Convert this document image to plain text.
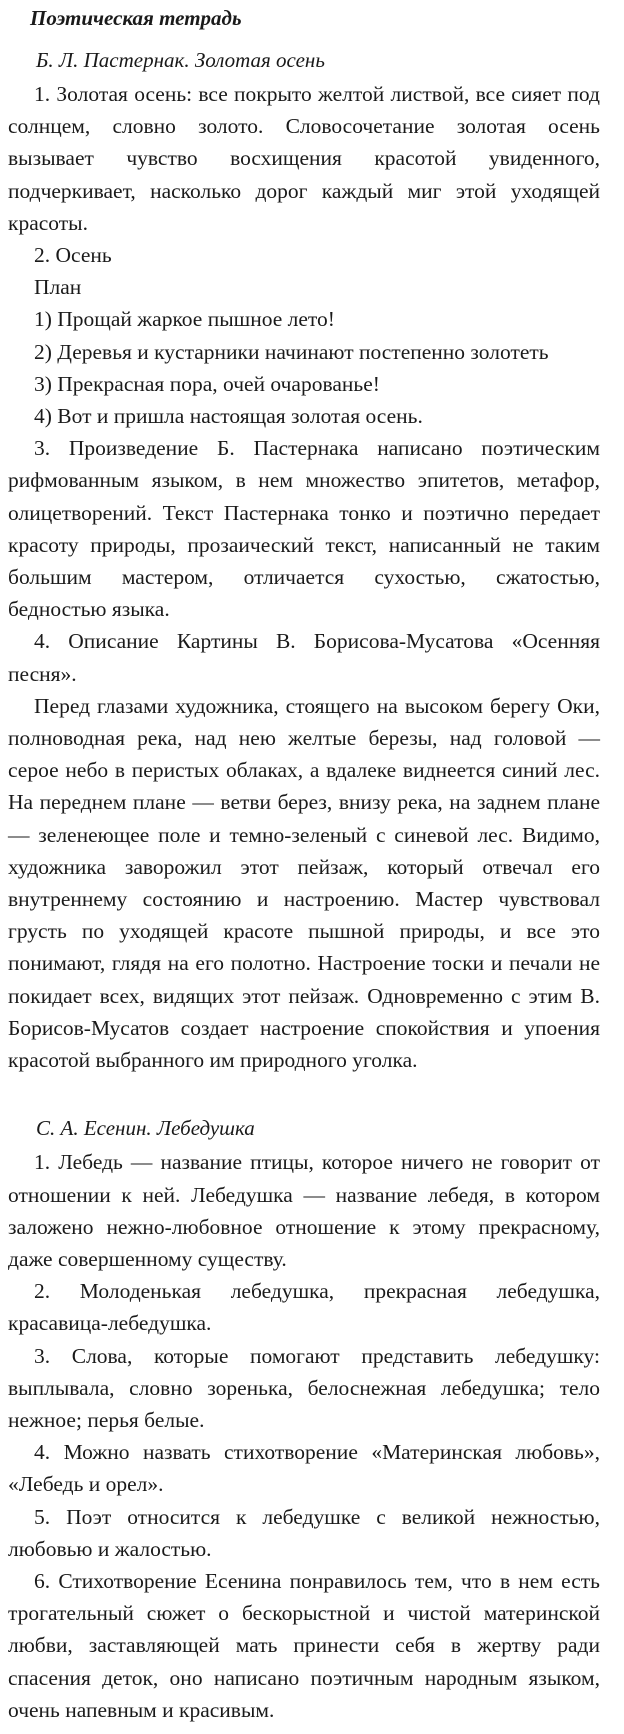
Поэтическая тетрадь
Б. Л. Пастернак. Золотая осень

1. Золотая осень: все покрыто желтой листвой, все сияет под солнцем, словно золото. Словосочетание золотая осень вызывает чувство восхищения красотой увиденного, подчеркивает, насколько дорог каждый миг этой уходящей красоты.

2. Осень

План

1) Прощай жаркое пышное лето!
2) Деревья и кустарники начинают постепенно золотеть
3) Прекрасная пора, очей очарованье!
4) Вот и пришла настоящая золотая осень.

3. Произведение Б. Пастернака написано поэтическим рифмованным языком, в нем множество эпитетов, метафор, олицетворений. Текст Пастернака тонко и поэтично передает красоту природы, прозаический текст, написанный не таким большим мастером, отличается сухостью, сжатостью, бедностью языка.

4. Описание Картины В. Борисова-Мусатова «Осенняя песня».

Перед глазами художника, стоящего на высоком берегу Оки, полноводная река, над нею желтые березы, над головой — серое небо в перистых облаках, а вдалеке виднеется синий лес. На переднем плане — ветви берез, внизу река, на заднем плане — зеленеющее поле и темно-зеленый с синевой лес. Видимо, художника заворожил этот пейзаж, который отвечал его внутреннему состоянию и настроению. Мастер чувствовал грусть по уходящей красоте пышной природы, и все это понимают, глядя на его полотно. Настроение тоски и печали не покидает всех, видящих этот пейзаж. Одновременно с этим В. Борисов-Мусатов создает настроение спокойствия и упоения красотой выбранного им природного уголка.

С. А. Есенин. Лебедушка

1. Лебедь — название птицы, которое ничего не говорит от отношении к ней. Лебедушка — название лебедя, в котором заложено нежно-любовное отношение к этому прекрасному, даже совершенному существу.

2. Молоденькая лебедушка, прекрасная лебедушка, красавица-лебедушка.

3. Слова, которые помогают представить лебедушку: выплывала, словно зоренька, белоснежная лебедушка; тело нежное; перья белые.

4. Можно назвать стихотворение «Материнская любовь», «Лебедь и орел».

5. Поэт относится к лебедушке с великой нежностью, любовью и жалостью.

6. Стихотворение Есенина понравилось тем, что в нем есть трогательный сюжет о бескорыстной и чистой материнской любви, заставляющей мать принести себя в жертву ради спасения деток, оно написано поэтичным народным языком, очень напевным и красивым.
